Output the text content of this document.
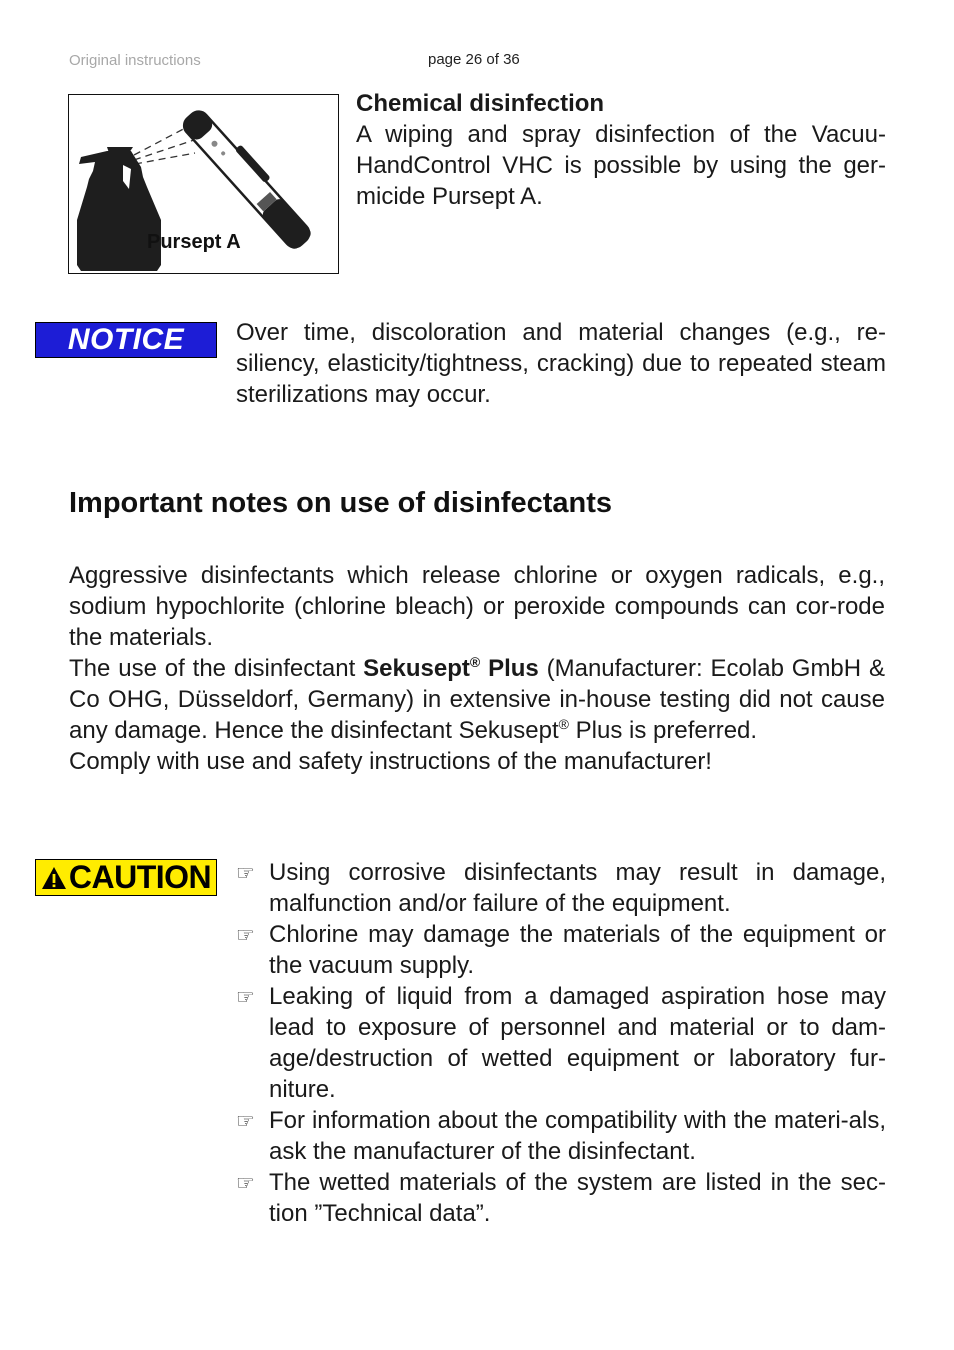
Original instructions	page 26 of 36
Pursept A
Chemical disinfection
A wiping and spray disinfection of the Vacuu-HandControl VHC is possible by using the ger-micide Pursept A.
NOTICE	Over time, discoloration and material changes (e.g., re-siliency, elasticity/tightness, cracking) due to repeated steam sterilizations may occur.
Important notes on use of disinfectants

Aggressive disinfectants which release chlorine or oxygen radicals, e.g., sodium hypochlorite (chlorine bleach) or peroxide compounds can cor-rode the materials.

The use of the disinfectant Sekusept® Plus (Manufacturer: Ecolab GmbH & Co OHG, Düsseldorf, Germany) in extensive in-house testing did not cause any damage. Hence the disinfectant Sekusept® Plus is preferred.

Comply with use and safety instructions of the manufacturer!

CAUTION ☞ Using corrosive disinfectants may result in damage, malfunction and/or failure of the equipment.
☞ Chlorine may damage the materials of the equipment or the vacuum supply.
☞ Leaking of liquid from a damaged aspiration hose may lead to exposure of personnel and material or to dam-age/destruction of wetted equipment or laboratory fur-niture.
☞ For information about the compatibility with the materi-als, ask the manufacturer of the disinfectant.
☞ The wetted materials of the system are listed in the sec-tion ”Technical data”.
